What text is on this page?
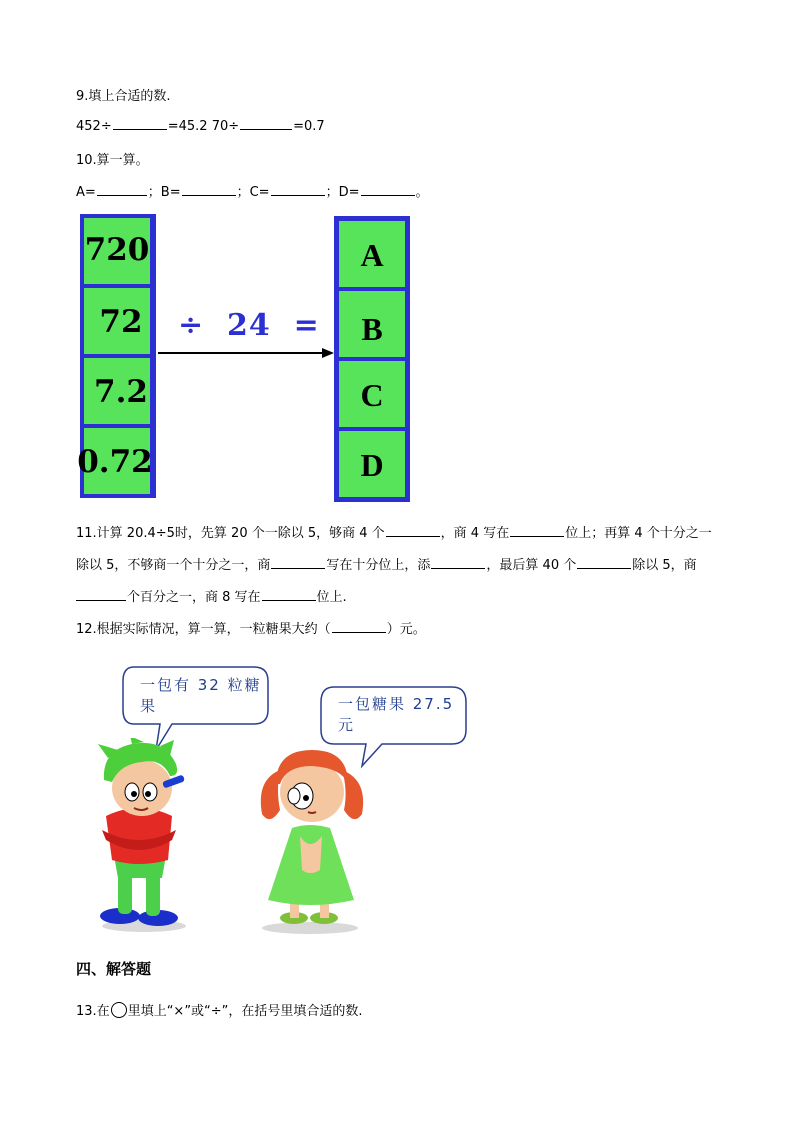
9.填上合适的数.
452÷	=45.2 70÷	=0.7
10.算一算。
A=	；B=	；C=	；D=	。
720
72
7.2
0.72
÷  24  =
A
B
C
D
11.计算 20.4÷5时，先算 20 个一除以 5，够商 4 个	，商 4 写在	位上；再算 4 个十分之一
除以 5，不够商一个十分之一，商	写在十分位上，添	，最后算 40 个	除以 5，商
个百分之一，商 8 写在	位上.
12.根据实际情况，算一算，一粒糖果大约（	）元。
一包有 32 粒糖果	一包糖果 27.5元
四、解答题
13.在 里填上“×”或“÷”，在括号里填合适的数.
